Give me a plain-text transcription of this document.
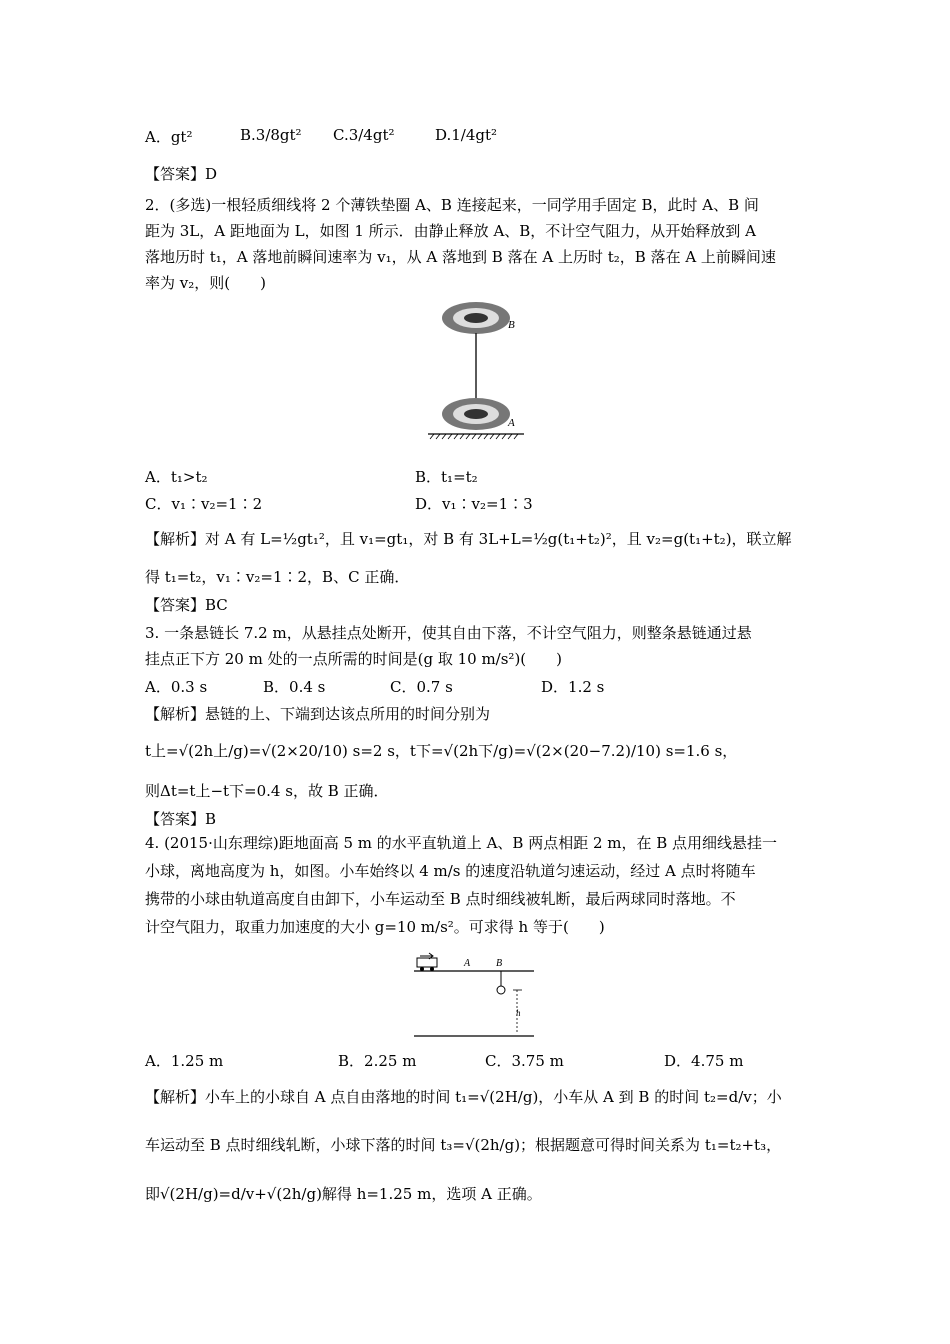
A．gt²	B.3/8gt² C.3/4gt²	D.1/4gt²
【答案】D
2．(多选)一根轻质细线将 2 个薄铁垫圈 A、B 连接起来，一同学用手固定 B，此时 A、B 间
距为 3L，A 距地面为 L，如图 1 所示．由静止释放 A、B，不计空气阻力，从开始释放到 A
落地历时 t₁，A 落地前瞬间速率为 v₁，从 A 落地到 B 落在 A 上历时 t₂，B 落在 A 上前瞬间速
率为 v₂，则(　　)
B
A
A．t₁>t₂	B．t₁=t₂
C．v₁∶v₂=1∶2	D．v₁∶v₂=1∶3
【解析】对 A 有 L=½gt₁²，且 v₁=gt₁，对 B 有 3L+L=½g(t₁+t₂)²，且 v₂=g(t₁+t₂)，联立解
得 t₁=t₂，v₁∶v₂=1∶2，B、C 正确．
【答案】BC
3. 一条悬链长 7.2 m，从悬挂点处断开，使其自由下落，不计空气阻力，则整条悬链通过悬
挂点正下方 20 m 处的一点所需的时间是(g 取 10 m/s²)(　　)
A．0.3 s	B．0.4 s	C．0.7 s	D．1.2 s
【解析】悬链的上、下端到达该点所用的时间分别为
t上=√(2h上/g)=√(2×20/10) s=2 s，t下=√(2h下/g)=√(2×(20−7.2)/10) s=1.6 s，
则Δt=t上−t下=0.4 s，故 B 正确．
【答案】B
4. (2015·山东理综)距地面高 5 m 的水平直轨道上 A、B 两点相距 2 m，在 B 点用细线悬挂一
小球，离地高度为 h，如图。小车始终以 4 m/s 的速度沿轨道匀速运动，经过 A 点时将随车
携带的小球由轨道高度自由卸下，小车运动至 B 点时细线被轧断，最后两球同时落地。不
计空气阻力，取重力加速度的大小 g=10 m/s²。可求得 h 等于(　　)
A	B
h
A．1.25 m	B．2.25 m	C．3.75 m	D．4.75 m
【解析】小车上的小球自 A 点自由落地的时间 t₁=√(2H/g)，小车从 A 到 B 的时间 t₂=d/v；小
车运动至 B 点时细线轧断，小球下落的时间 t₃=√(2h/g)；根据题意可得时间关系为 t₁=t₂+t₃，
即√(2H/g)=d/v+√(2h/g)解得 h=1.25 m，选项 A 正确。
